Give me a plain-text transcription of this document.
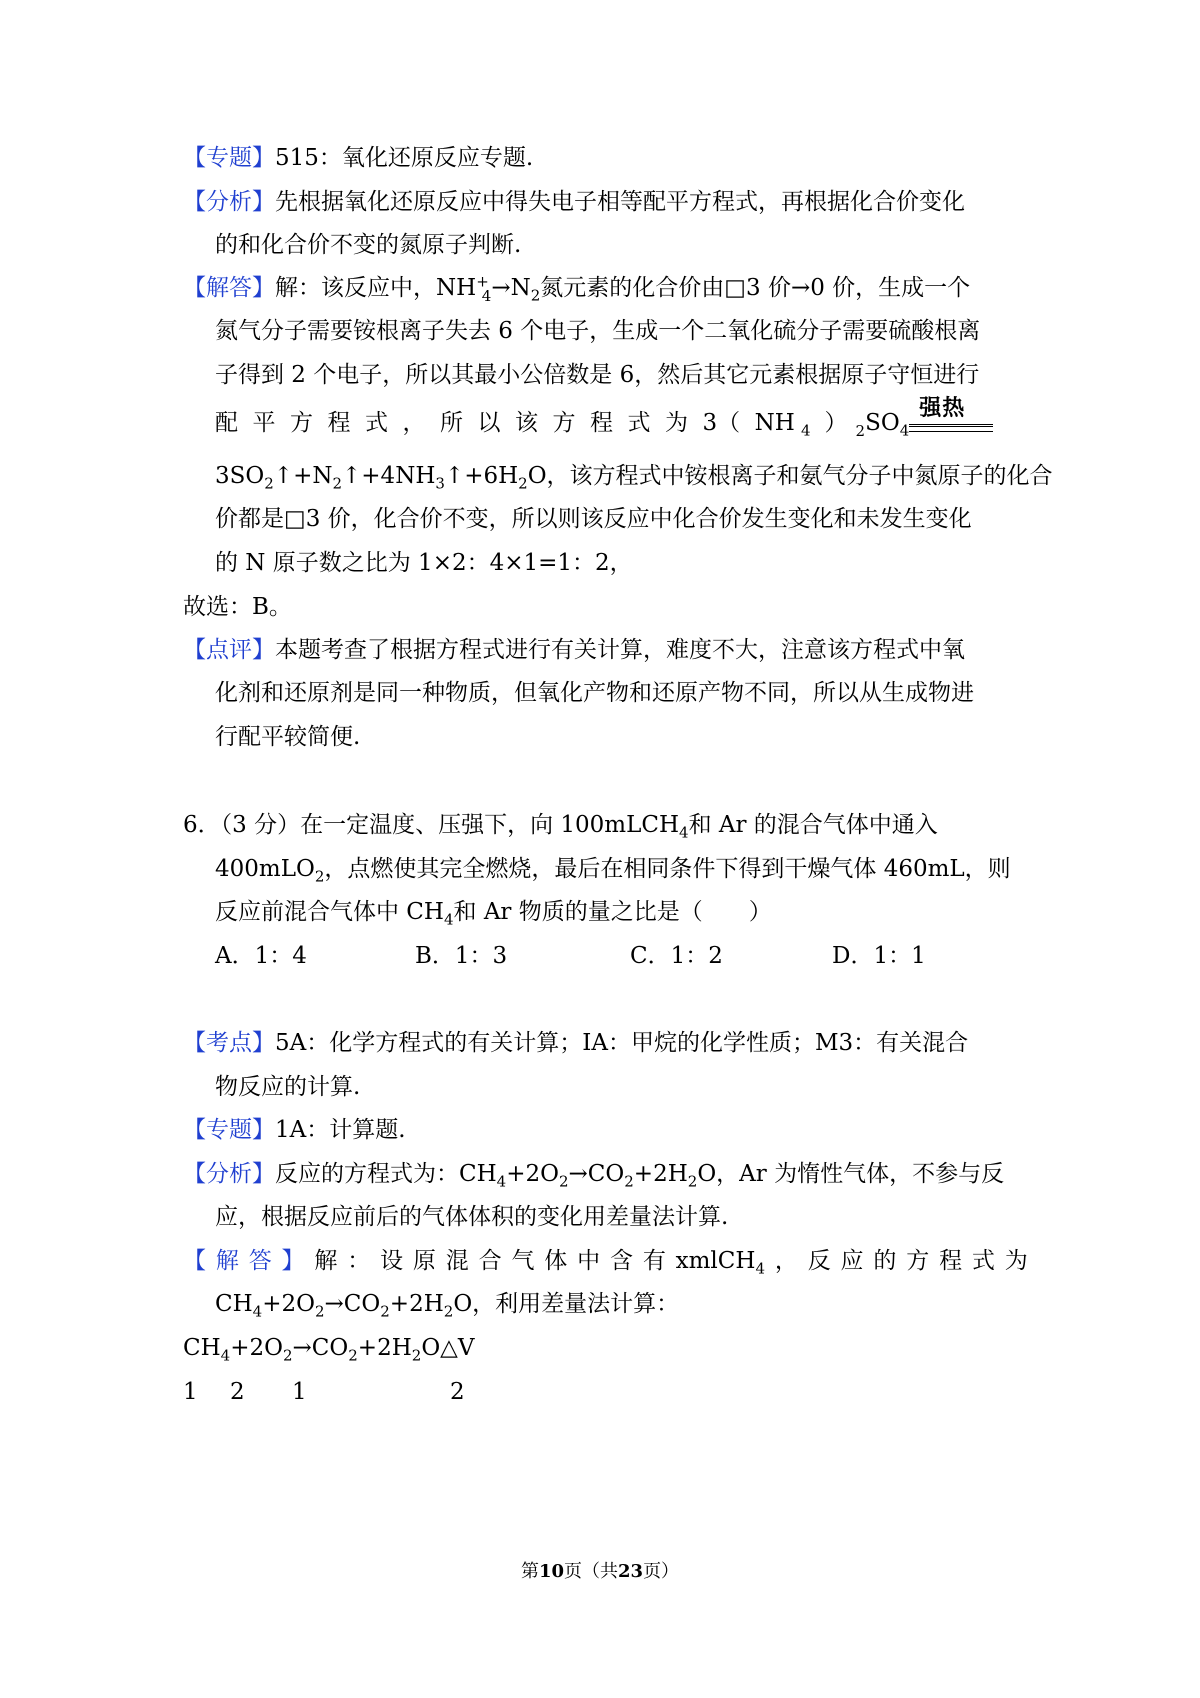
【专题】515：氧化还原反应专题.
【分析】先根据氧化还原反应中得失电子相等配平方程式，再根据化合价变化
的和化合价不变的氮原子判断.
【解答】解：该反应中，$NH^+_4\to N_2$氮元素的化合价由□3 价→0 价，生成一个
氮气分子需要铵根离子失去 6 个电子，生成一个二氧化硫分子需要硫酸根离
子得到 2 个电子，所以其最小公倍数是 6，然后其它元素根据原子守恒进行
配 平 方 程 式 ， 所 以 该 方 程 式 为 3（ NH $_4$ ） $_2SO_4$
强热
$3SO_2↑+N_2↑+4NH_3↑+6H_2O$，该方程式中铵根离子和氨气分子中氮原子的化合
价都是□3 价，化合价不变，所以则该反应中化合价发生变化和未发生变化
的 N 原子数之比为 1×2：4×1=1：2，
故选：B。
【点评】本题考查了根据方程式进行有关计算，难度不大，注意该方程式中氧
化剂和还原剂是同一种物质，但氧化产物和还原产物不同，所以从生成物进
行配平较简便.
6．（3 分）在一定温度、压强下，向 100mLCH$_4$和 Ar 的混合气体中通入
400mLO$_2$，点燃使其完全燃烧，最后在相同条件下得到干燥气体 460mL，则
反应前混合气体中 $CH_4$和 Ar 物质的量之比是（　　）
A．1：4	B．1：3	C．1：2	D．1：1
【考点】5A：化学方程式的有关计算；IA：甲烷的化学性质；M3：有关混合
物反应的计算.
【专题】1A：计算题.
【分析】反应的方程式为：$CH_4+2O_2\to CO_2+2H_2O$，Ar 为惰性气体，不参与反
应，根据反应前后的气体体积的变化用差量法计算.
【 解 答 】 解 ： 设 原 混 合 气 体 中 含 有 xmlCH$_4$ ， 反 应 的 方 程 式 为
$CH_4+2O_2\to CO_2+2H_2O$，利用差量法计算：
$CH_4+2O_2\to CO_2+2H_2O\triangle V$
1 2 1	2
第10页（共23页）
